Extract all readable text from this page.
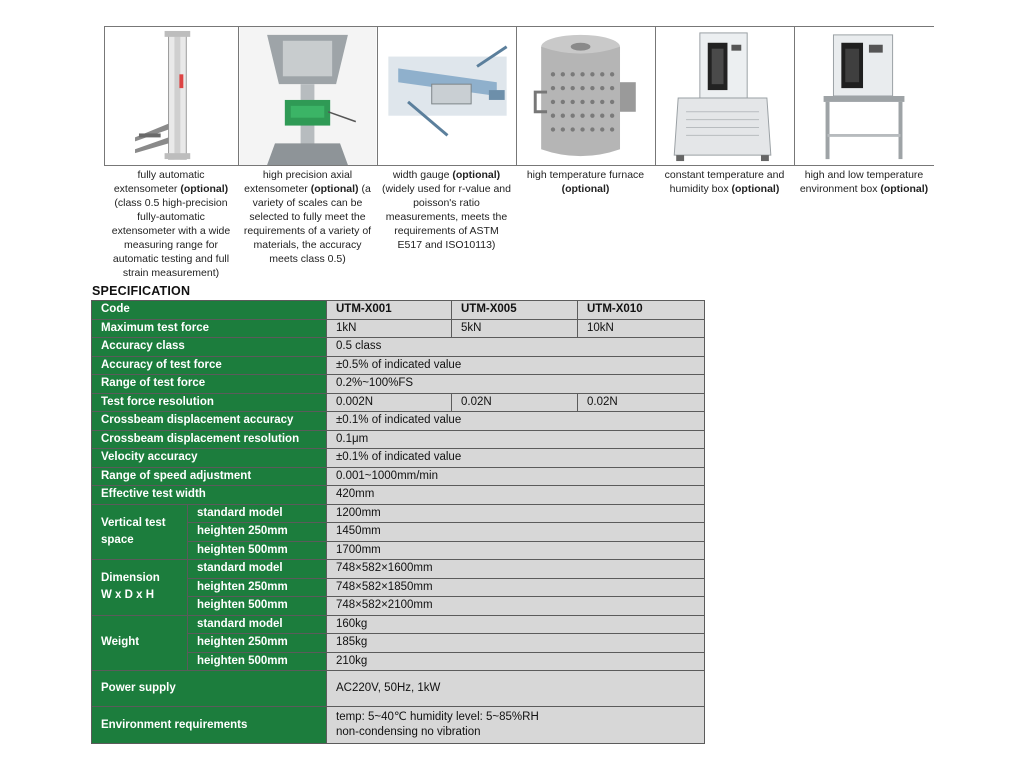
fully automatic extensometer (optional) (class 0.5 high-precision fully-automatic extensometer with a wide measuring range for automatic testing and full strain measurement)
high precision axial extensometer (optional) (a variety of scales can be selected to fully meet the requirements of a variety of materials, the accuracy meets class 0.5)
width gauge (optional) (widely used for r-value and poisson's ratio measurements, meets the requirements of ASTM E517 and ISO10113)
high temperature furnace (optional)
constant temperature and humidity box (optional)
high and low temperature environment box (optional)
SPECIFICATION
Code		UTM-X001	UTM-X005	UTM-X010
Maximum test force		1kN	5kN	10kN
Accuracy class		0.5 class		
Accuracy of test force		±0.5% of indicated value		
Range of test force		0.2%~100%FS		
Test force resolution		0.002N	0.02N	0.02N
Crossbeam displacement accuracy		±0.1% of indicated value		
Crossbeam displacement resolution		0.1μm		
Velocity accuracy		±0.1% of indicated value		
Range of speed adjustment		0.001~1000mm/min		
Effective test width		420mm		
Vertical test space	standard model	1200mm		
	heighten 250mm	1450mm		
	heighten 500mm	1700mm		

Dimension
W x D x H	standard model	748×582×1600mm		
	heighten 250mm	748×582×1850mm		
	heighten 500mm	748×582×2100mm		
Weight	standard model	160kg		
	heighten 250mm	185kg		
	heighten 500mm	210kg		
Power supply		AC220V, 50Hz, 1kW		
Environment requirements		temp: 5~40℃ humidity level: 5~85%RH
non-condensing no vibration		
